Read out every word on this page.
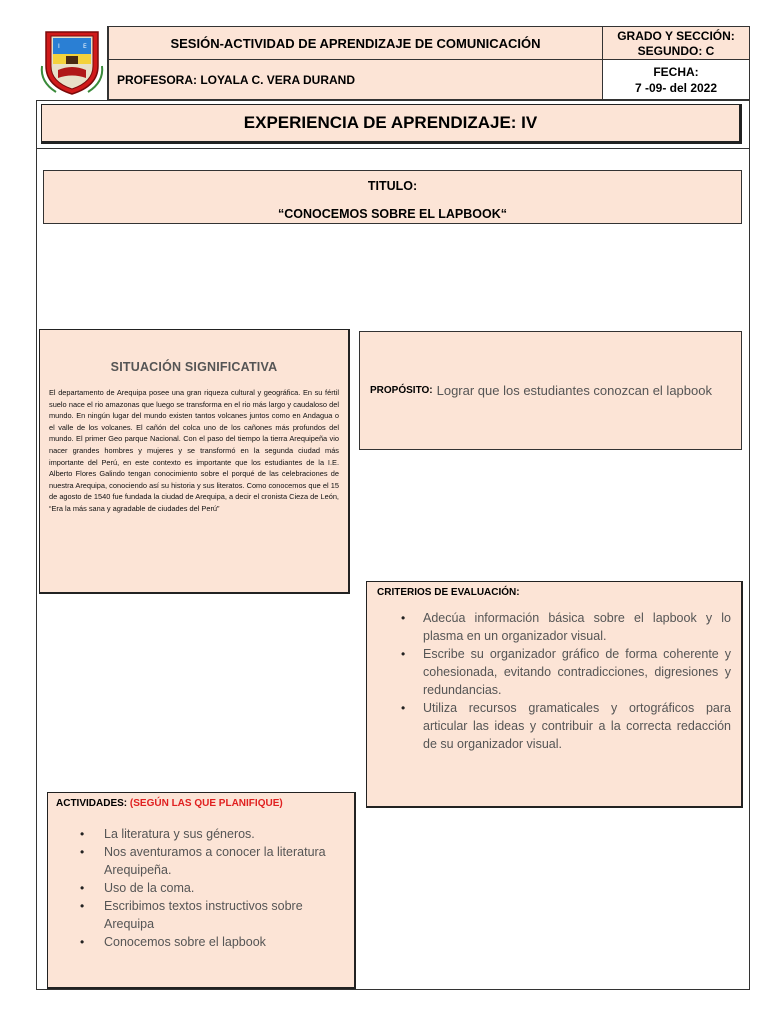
I	E	SESIÓN-ACTIVIDAD DE APRENDIZAJE DE COMUNICACIÓN
PROFESORA: LOYALA C. VERA DURAND
GRADO Y SECCIÓN:
SEGUNDO: C
FECHA:
7 -09- del 2022
EXPERIENCIA DE APRENDIZAJE: IV
TITULO:
“CONOCEMOS SOBRE EL LAPBOOK“
SITUACIÓN SIGNIFICATIVA
El departamento de Arequipa posee una gran riqueza cultural y geográfica. En su fértil suelo nace el rio amazonas que luego se transforma en el rio más largo y caudaloso del mundo. En ningún lugar del mundo existen tantos volcanes juntos como en Andagua o el valle de los volcanes. El cañón del colca uno de los cañones más profundos del mundo. El primer Geo parque Nacional. Con el paso del tiempo la tierra Arequipeña vio nacer grandes hombres y mujeres y se transformó en la segunda ciudad más importante del Perú, en este contexto es importante que los estudiantes de la I.E. Alberto Flores Galindo tengan conocimiento sobre el porqué de las celebraciones de nuestra Arequipa, conociendo así su historia y sus literatos. Como conocemos que el 15 de agosto de 1540 fue fundada la ciudad de Arequipa, a decir el cronista Cieza de León, “Era la más sana y agradable de ciudades del Perú”
PROPÓSITO: Lograr que los estudiantes conozcan el lapbook
CRITERIOS DE EVALUACIÓN:
• Adecúa información básica sobre el lapbook y lo plasma en un organizador visual.
• Escribe su organizador gráfico de forma coherente y cohesionada, evitando contradicciones, digresiones y redundancias.
• Utiliza recursos gramaticales y ortográficos para articular las ideas y contribuir a la correcta redacción de su organizador visual.
ACTIVIDADES: (SEGÚN LAS QUE PLANIFIQUE)
• La literatura y sus géneros.
• Nos aventuramos a conocer la literatura Arequipeña.
• Uso de la coma.
• Escribimos textos instructivos sobre Arequipa
• Conocemos sobre el lapbook
